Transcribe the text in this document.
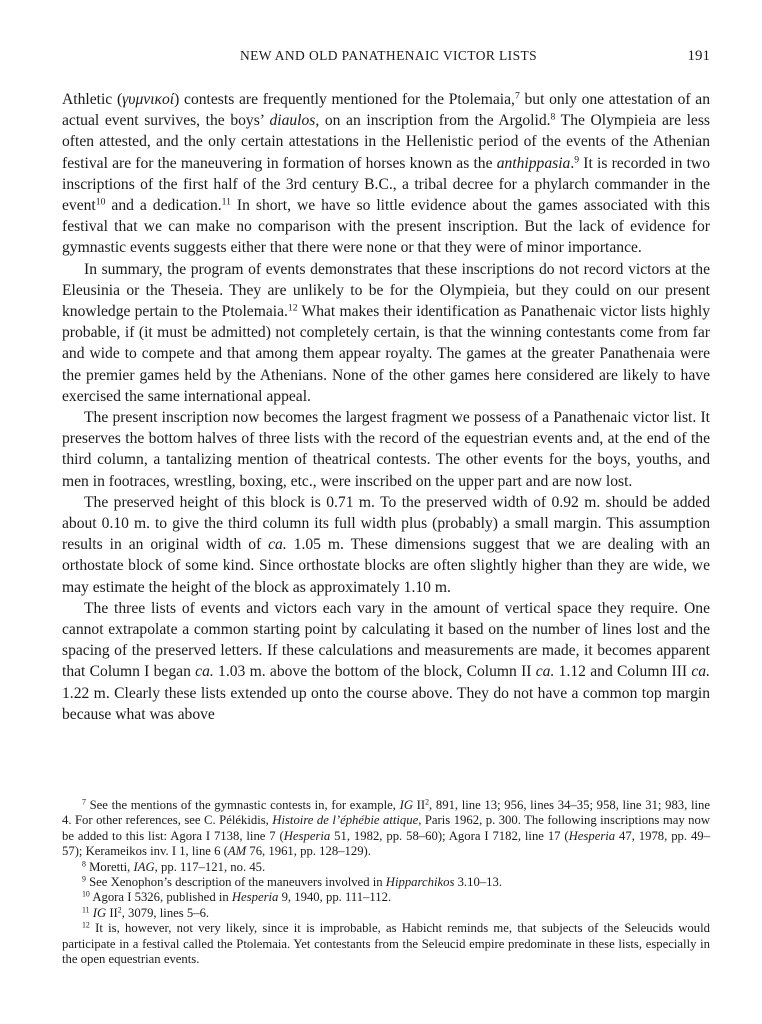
NEW AND OLD PANATHENAIC VICTOR LISTS	191

Athletic (γυμνικοί) contests are frequently mentioned for the Ptolemaia,$^7$ but only one attestation of an actual event survives, the boys’ diaulos, on an inscription from the Argolid.$^8$ The Olympieia are less often attested, and the only certain attestations in the Hellenistic period of the events of the Athenian festival are for the maneuvering in formation of horses known as the anthippasia.$^9$ It is recorded in two inscriptions of the first half of the 3rd century B.C., a tribal decree for a phylarch commander in the event$^{10}$ and a dedication.$^{11}$ In short, we have so little evidence about the games associated with this festival that we can make no comparison with the present inscription. But the lack of evidence for gymnastic events suggests either that there were none or that they were of minor importance.

In summary, the program of events demonstrates that these inscriptions do not record victors at the Eleusinia or the Theseia. They are unlikely to be for the Olympieia, but they could on our present knowledge pertain to the Ptolemaia.$^{12}$ What makes their identification as Panathenaic victor lists highly probable, if (it must be admitted) not completely certain, is that the winning contestants come from far and wide to compete and that among them appear royalty. The games at the greater Panathenaia were the premier games held by the Athenians. None of the other games here considered are likely to have exercised the same international appeal.

The present inscription now becomes the largest fragment we possess of a Panathenaic victor list. It preserves the bottom halves of three lists with the record of the equestrian events and, at the end of the third column, a tantalizing mention of theatrical contests. The other events for the boys, youths, and men in footraces, wrestling, boxing, etc., were inscribed on the upper part and are now lost.

The preserved height of this block is 0.71 m. To the preserved width of 0.92 m. should be added about 0.10 m. to give the third column its full width plus (probably) a small margin. This assumption results in an original width of ca. 1.05 m. These dimensions suggest that we are dealing with an orthostate block of some kind. Since orthostate blocks are often slightly higher than they are wide, we may estimate the height of the block as approximately 1.10 m.

The three lists of events and victors each vary in the amount of vertical space they require. One cannot extrapolate a common starting point by calculating it based on the number of lines lost and the spacing of the preserved letters. If these calculations and measurements are made, it becomes apparent that Column I began ca. 1.03 m. above the bottom of the block, Column II ca. 1.12 and Column III ca. 1.22 m. Clearly these lists extended up onto the course above. They do not have a common top margin because what was above

$^7$ See the mentions of the gymnastic contests in, for example, IG $II^2$, 891, line 13; 956, lines 34–35; 958, line 31; 983, line 4. For other references, see C. Pélékidis, Histoire de l’éphébie attique, Paris 1962, p. 300. The following inscriptions may now be added to this list: Agora I 7138, line 7 (Hesperia 51, 1982, pp. 58–60); Agora I 7182, line 17 (Hesperia 47, 1978, pp. 49–57); Kerameikos inv. I 1, line 6 (AM 76, 1961, pp. 128–129).

$^8$ Moretti, IAG, pp. 117–121, no. 45.

$^9$ See Xenophon’s description of the maneuvers involved in Hipparchikos 3.10–13.

$^{10}$ Agora I 5326, published in Hesperia 9, 1940, pp. 111–112.

$^{11}$ IG $II^2$, 3079, lines 5–6.

$^{12}$ It is, however, not very likely, since it is improbable, as Habicht reminds me, that subjects of the Seleucids would participate in a festival called the Ptolemaia. Yet contestants from the Seleucid empire predominate in these lists, especially in the open equestrian events.
